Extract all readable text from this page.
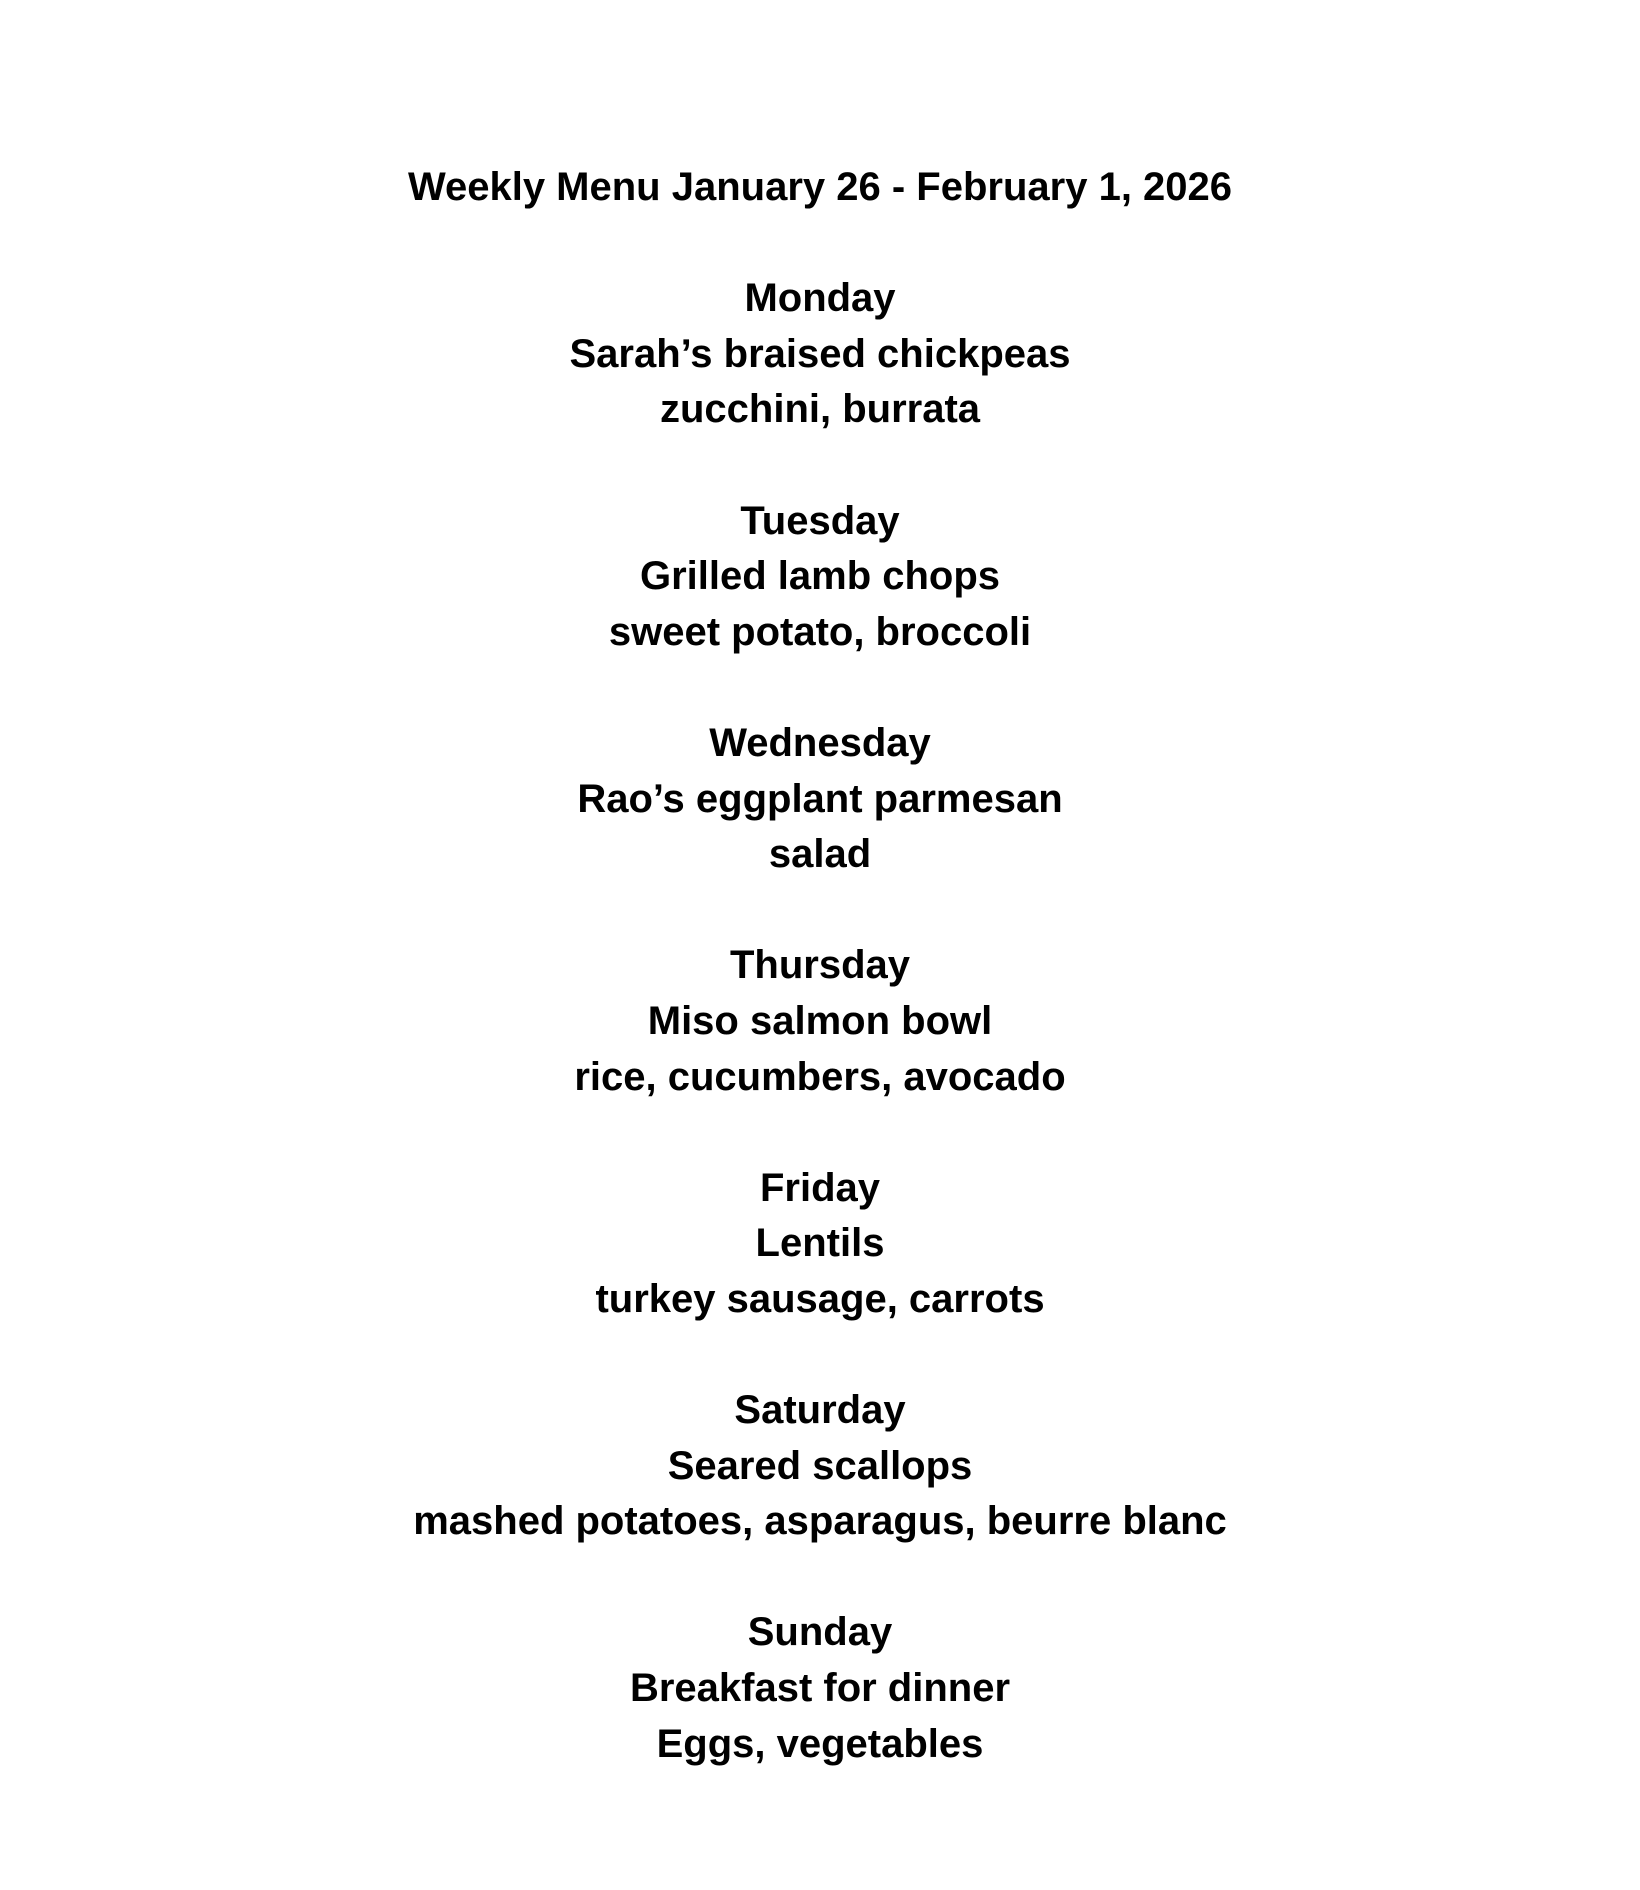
Weekly Menu January 26 - February 1, 2026
Monday
Sarah’s braised chickpeas
zucchini, burrata
Tuesday
Grilled lamb chops
sweet potato, broccoli
Wednesday
Rao’s eggplant parmesan
salad
Thursday
Miso salmon bowl
rice, cucumbers, avocado
Friday
Lentils
turkey sausage, carrots
Saturday
Seared scallops
mashed potatoes, asparagus, beurre blanc
Sunday
Breakfast for dinner
Eggs, vegetables
